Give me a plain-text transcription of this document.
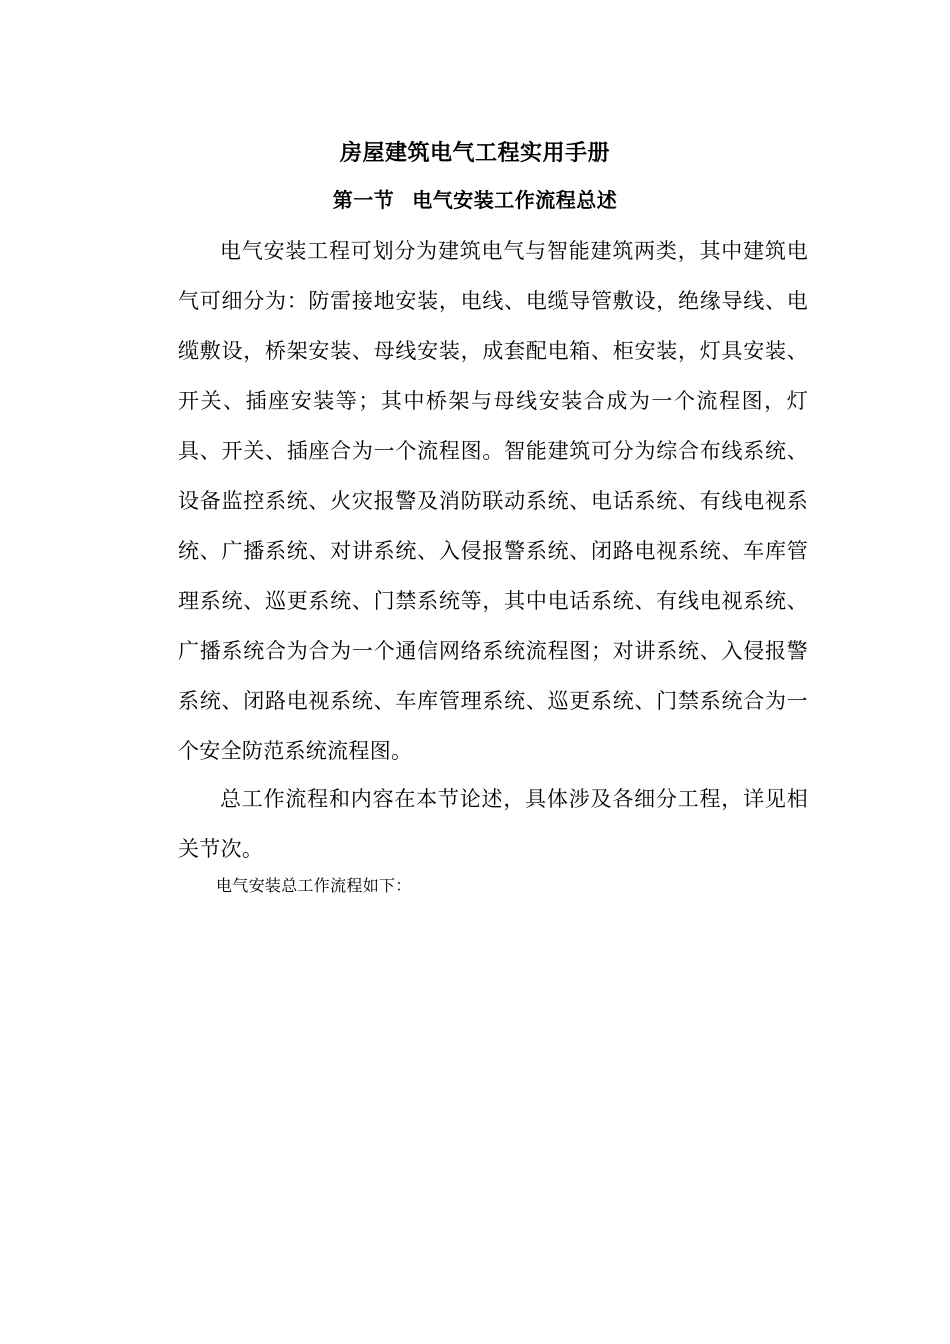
房屋建筑电气工程实用手册
第一节 电气安装工作流程总述

电气安装工程可划分为建筑电气与智能建筑两类，其中建筑电气可细分为：防雷接地安装，电线、电缆导管敷设，绝缘导线、电缆敷设，桥架安装、母线安装，成套配电箱、柜安装，灯具安装、开关、插座安装等；其中桥架与母线安装合成为一个流程图，灯具、开关、插座合为一个流程图。智能建筑可分为综合布线系统、设备监控系统、火灾报警及消防联动系统、电话系统、有线电视系统、广播系统、对讲系统、入侵报警系统、闭路电视系统、车库管理系统、巡更系统、门禁系统等，其中电话系统、有线电视系统、广播系统合为合为一个通信网络系统流程图；对讲系统、入侵报警系统、闭路电视系统、车库管理系统、巡更系统、门禁系统合为一个安全防范系统流程图。

总工作流程和内容在本节论述，具体涉及各细分工程，详见相关节次。

电气安装总工作流程如下：
